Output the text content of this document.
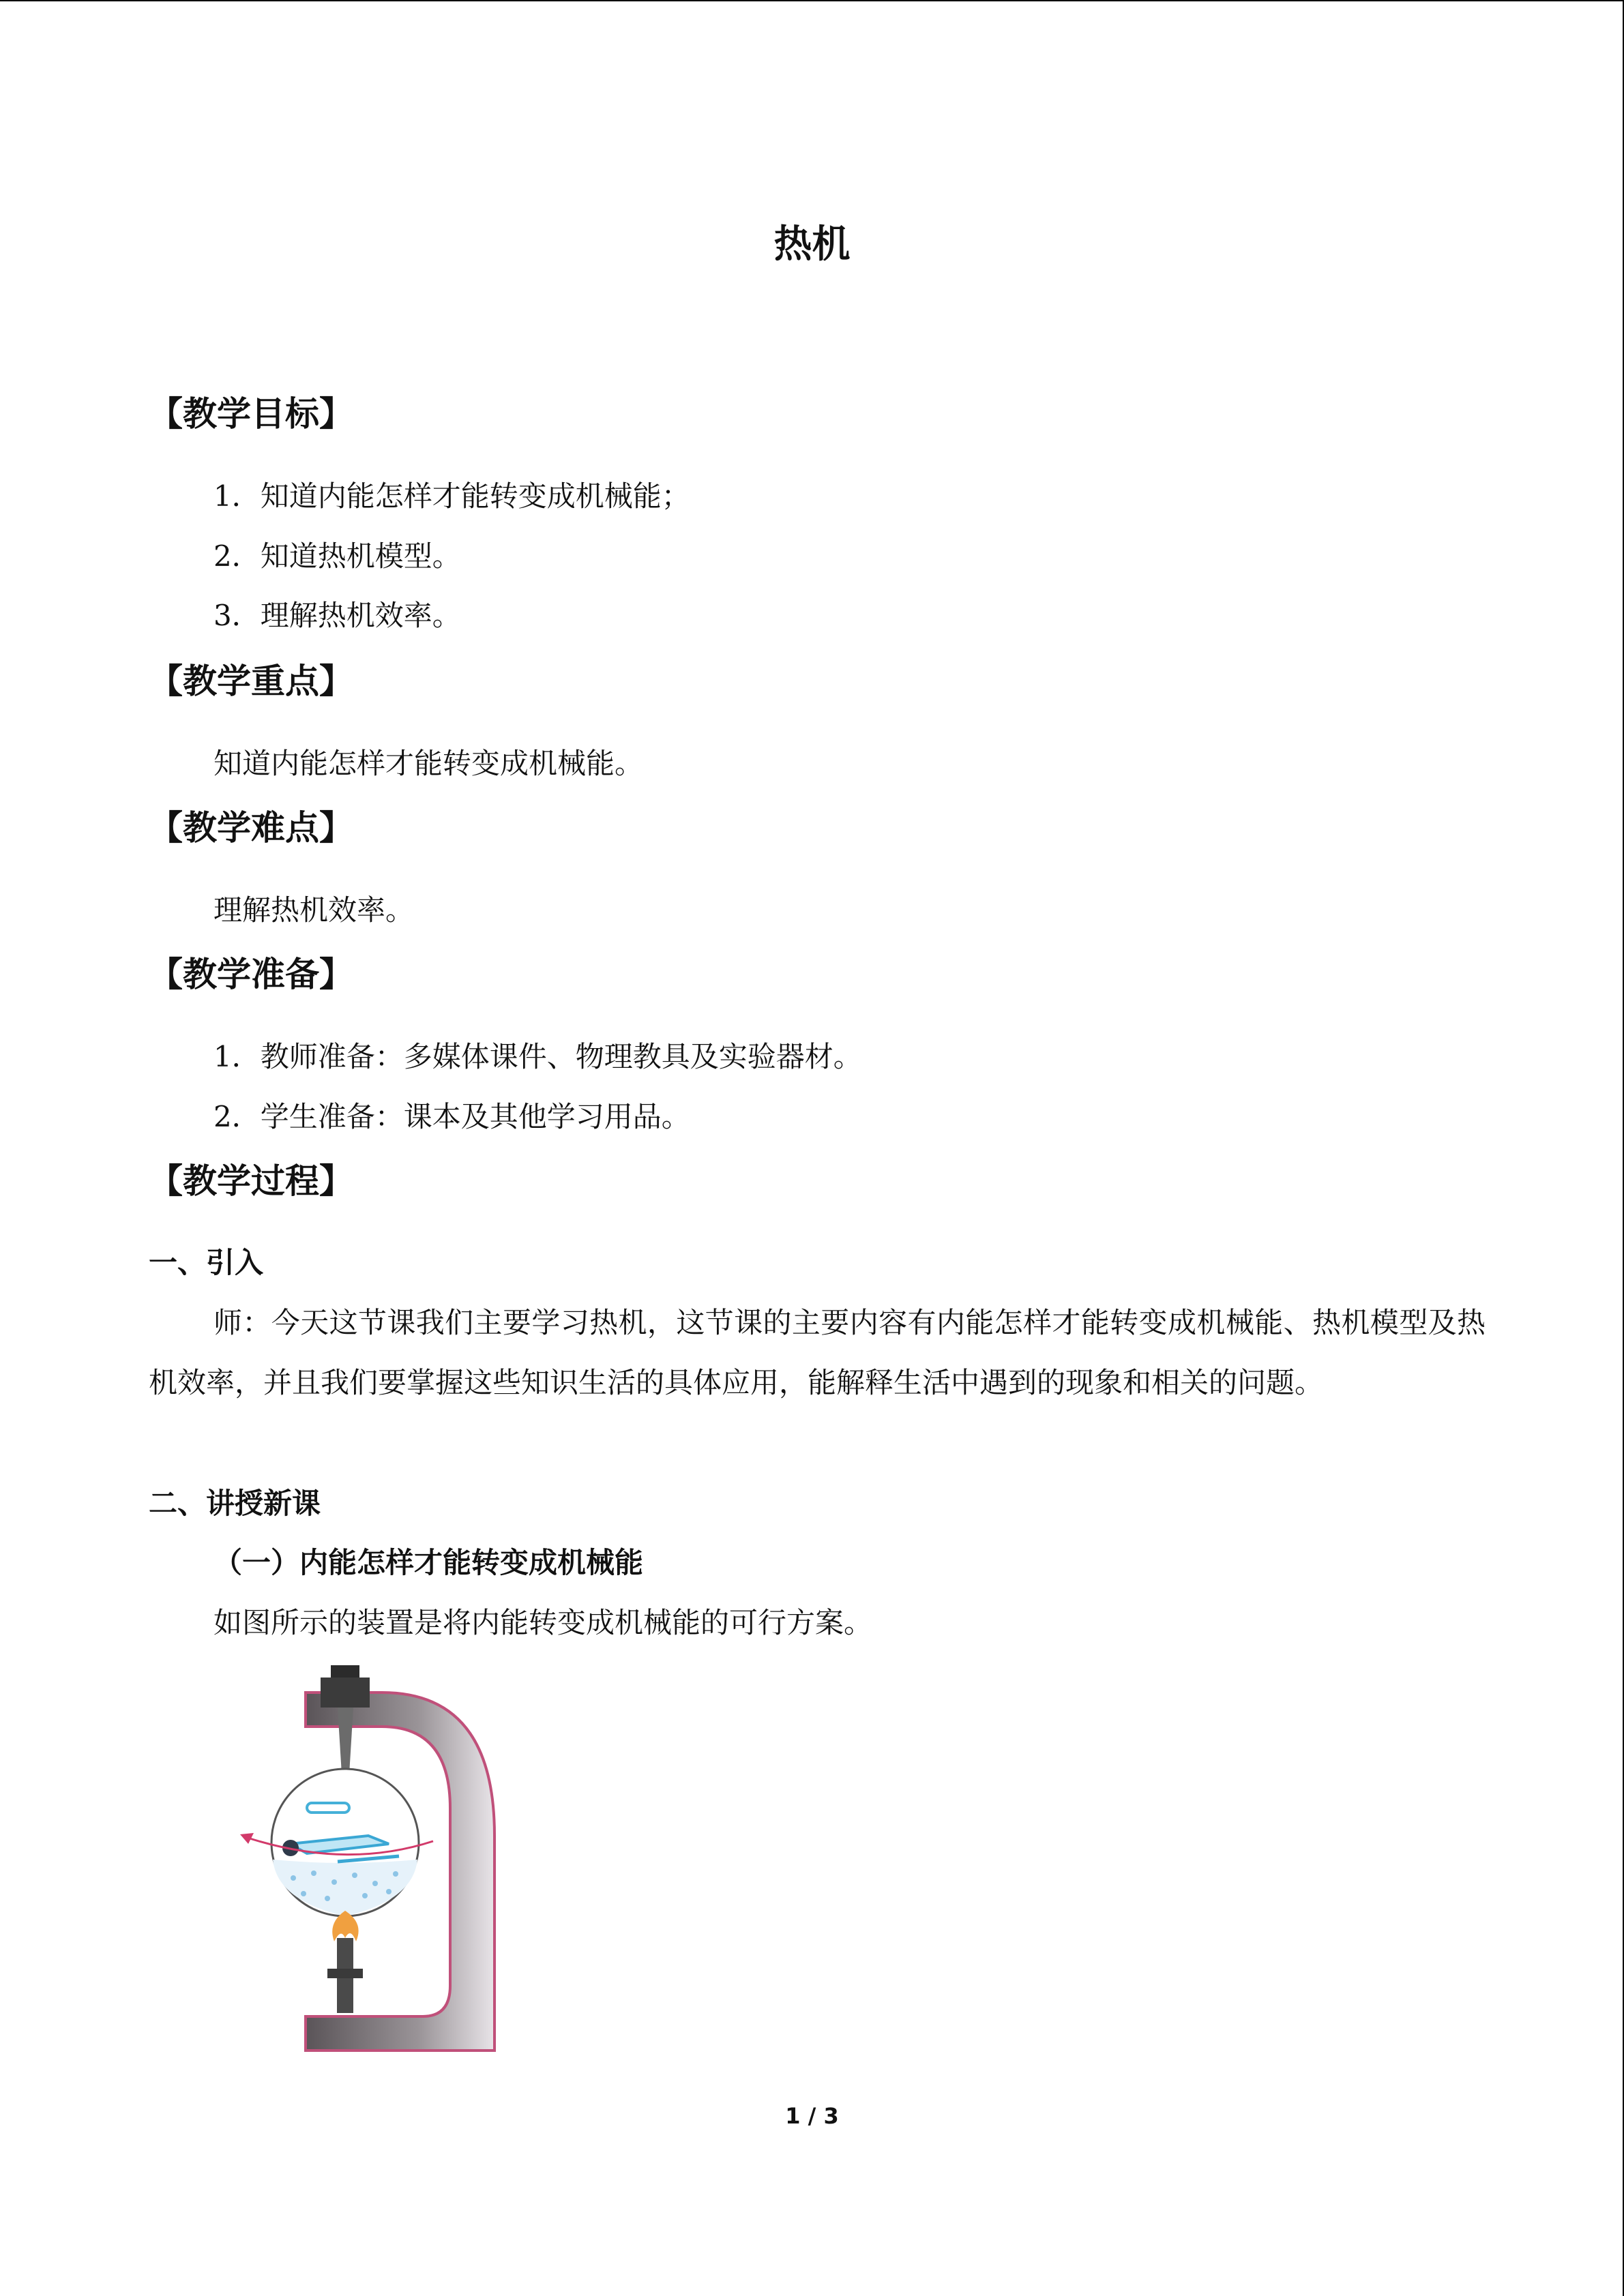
热机
【教学目标】
1．知道内能怎样才能转变成机械能；
2．知道热机模型。
3．理解热机效率。
【教学重点】
知道内能怎样才能转变成机械能。
【教学难点】
理解热机效率。
【教学准备】
1．教师准备：多媒体课件、物理教具及实验器材。
2．学生准备：课本及其他学习用品。
【教学过程】
一、引入
师：今天这节课我们主要学习热机，这节课的主要内容有内能怎样才能转变成机械能、热机模型及热机效率，并且我们要掌握这些知识生活的具体应用，能解释生活中遇到的现象和相关的问题。
二、讲授新课
（一）内能怎样才能转变成机械能
如图所示的装置是将内能转变成机械能的可行方案。
1 / 3
